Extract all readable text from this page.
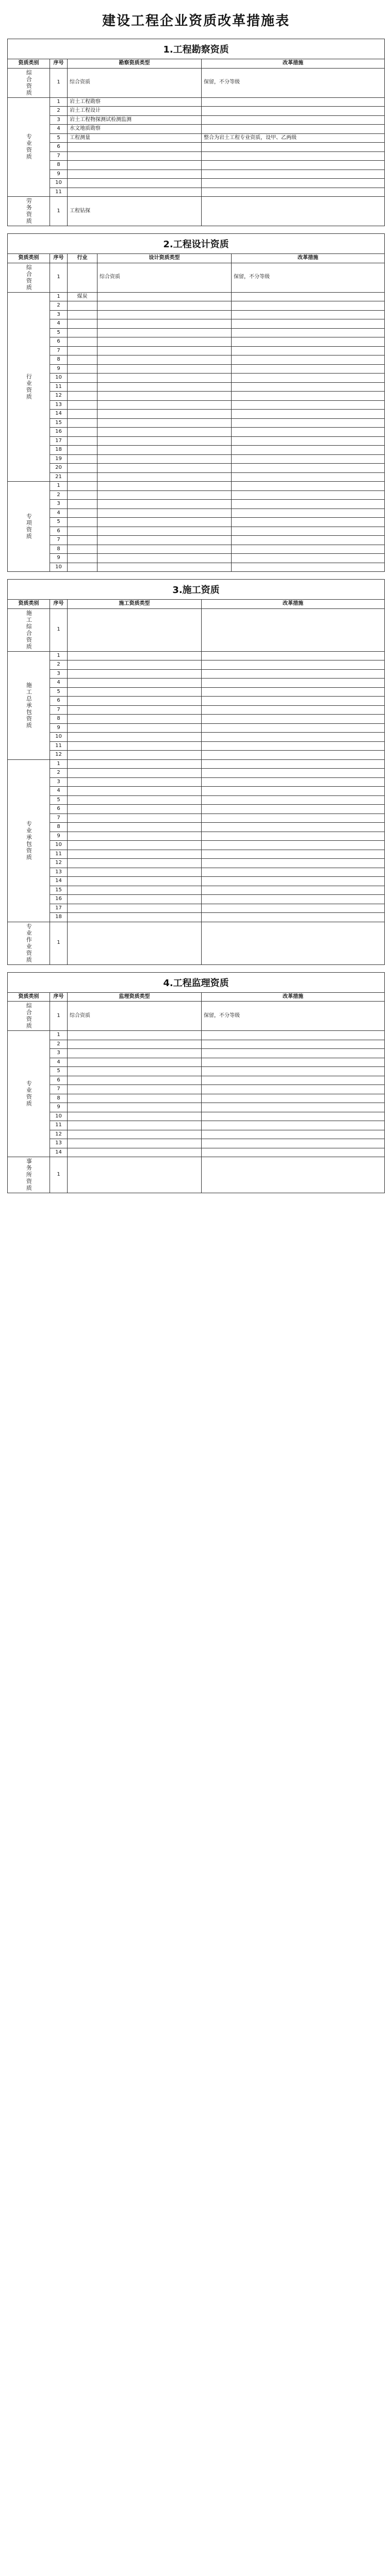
建设工程企业资质改革措施表
1.工程勘察资质
资质类别	序号	勘察资质类型	改革措施

综合资质	1	综合资质	保留，不分等级

专业资质	1	岩土工程勘察	
	2	岩土工程设计	
	3	岩土工程物探测试检测监测	
	4	水文地质勘察	
	5	工程测量	整合为岩土工程专业资质，设甲、乙两级
	6		
	7		
	8		
	9		
	10		
	11		

劳务资质	1	工程钻探	
2.工程设计资质
资质类别	序号	行业	设计资质类型	改革措施

综合资质	1		综合资质	保留，不分等级

行业资质	1	煤炭		
	2			
	3			
	4			
	5			
	6			
	7			
	8			
	9			
	10			
	11			
	12			
	13			
	14			
	15			
	16			
	17			
	18			
	19			
	20			
	21			

专项资质	1			
	2			
	3			
	4			
	5			
	6			
	7			
	8			
	9			
	10			
3.施工资质
资质类别	序号	施工资质类型	改革措施

施工综合资质	1		

施工总承包资质	1		
	2		
	3		
	4		
	5		
	6		
	7		
	8		
	9		
	10		
	11		
	12		

专业承包资质	1		
	2		
	3		
	4		
	5		
	6		
	7		
	8		
	9		
	10		
	11		
	12		
	13		
	14		
	15		
	16		
	17		
	18		

专业作业资质	1		
4.工程监理资质
资质类别	序号	监理资质类型	改革措施

综合资质	1	综合资质	保留，不分等级

专业资质	1		
	2		
	3		
	4		
	5		
	6		
	7		
	8		
	9		
	10		
	11		
	12		
	13		
	14		

事务所资质	1		
